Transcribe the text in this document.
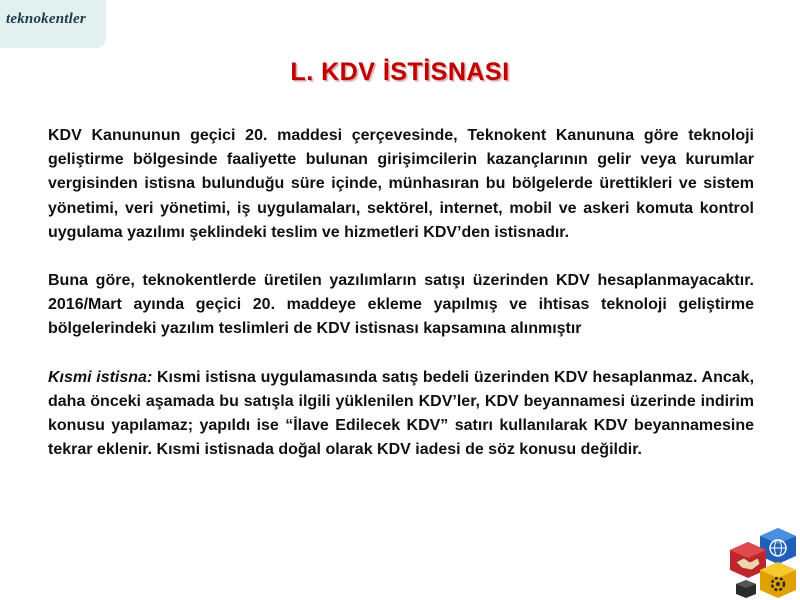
teknokentler
L. KDV İSTİSNASI

KDV Kanununun geçici 20. maddesi çerçevesinde, Teknokent Kanununa göre teknoloji geliştirme bölgesinde faaliyette bulunan girişimcilerin kazançlarının gelir veya kurumlar vergisinden istisna bulunduğu süre içinde, münhasıran bu bölgelerde ürettikleri ve sistem yönetimi, veri yönetimi, iş uygulamaları, sektörel, internet, mobil ve askeri komuta kontrol uygulama yazılımı şeklindeki teslim ve hizmetleri KDV’den istisnadır.

Buna göre, teknokentlerde üretilen yazılımların satışı üzerinden KDV hesaplanmayacaktır. 2016/Mart ayında geçici 20. maddeye ekleme yapılmış ve ihtisas teknoloji geliştirme bölgelerindeki yazılım teslimleri de KDV istisnası kapsamına alınmıştır

Kısmi istisna: Kısmi istisna uygulamasında satış bedeli üzerinden KDV hesaplanmaz. Ancak, daha önceki aşamada bu satışla ilgili yüklenilen KDV’ler, KDV beyannamesi üzerinde indirim konusu yapılamaz; yapıldı ise “İlave Edilecek KDV” satırı kullanılarak KDV beyannamesine tekrar eklenir. Kısmi istisnada doğal olarak KDV iadesi de söz konusu değildir.
